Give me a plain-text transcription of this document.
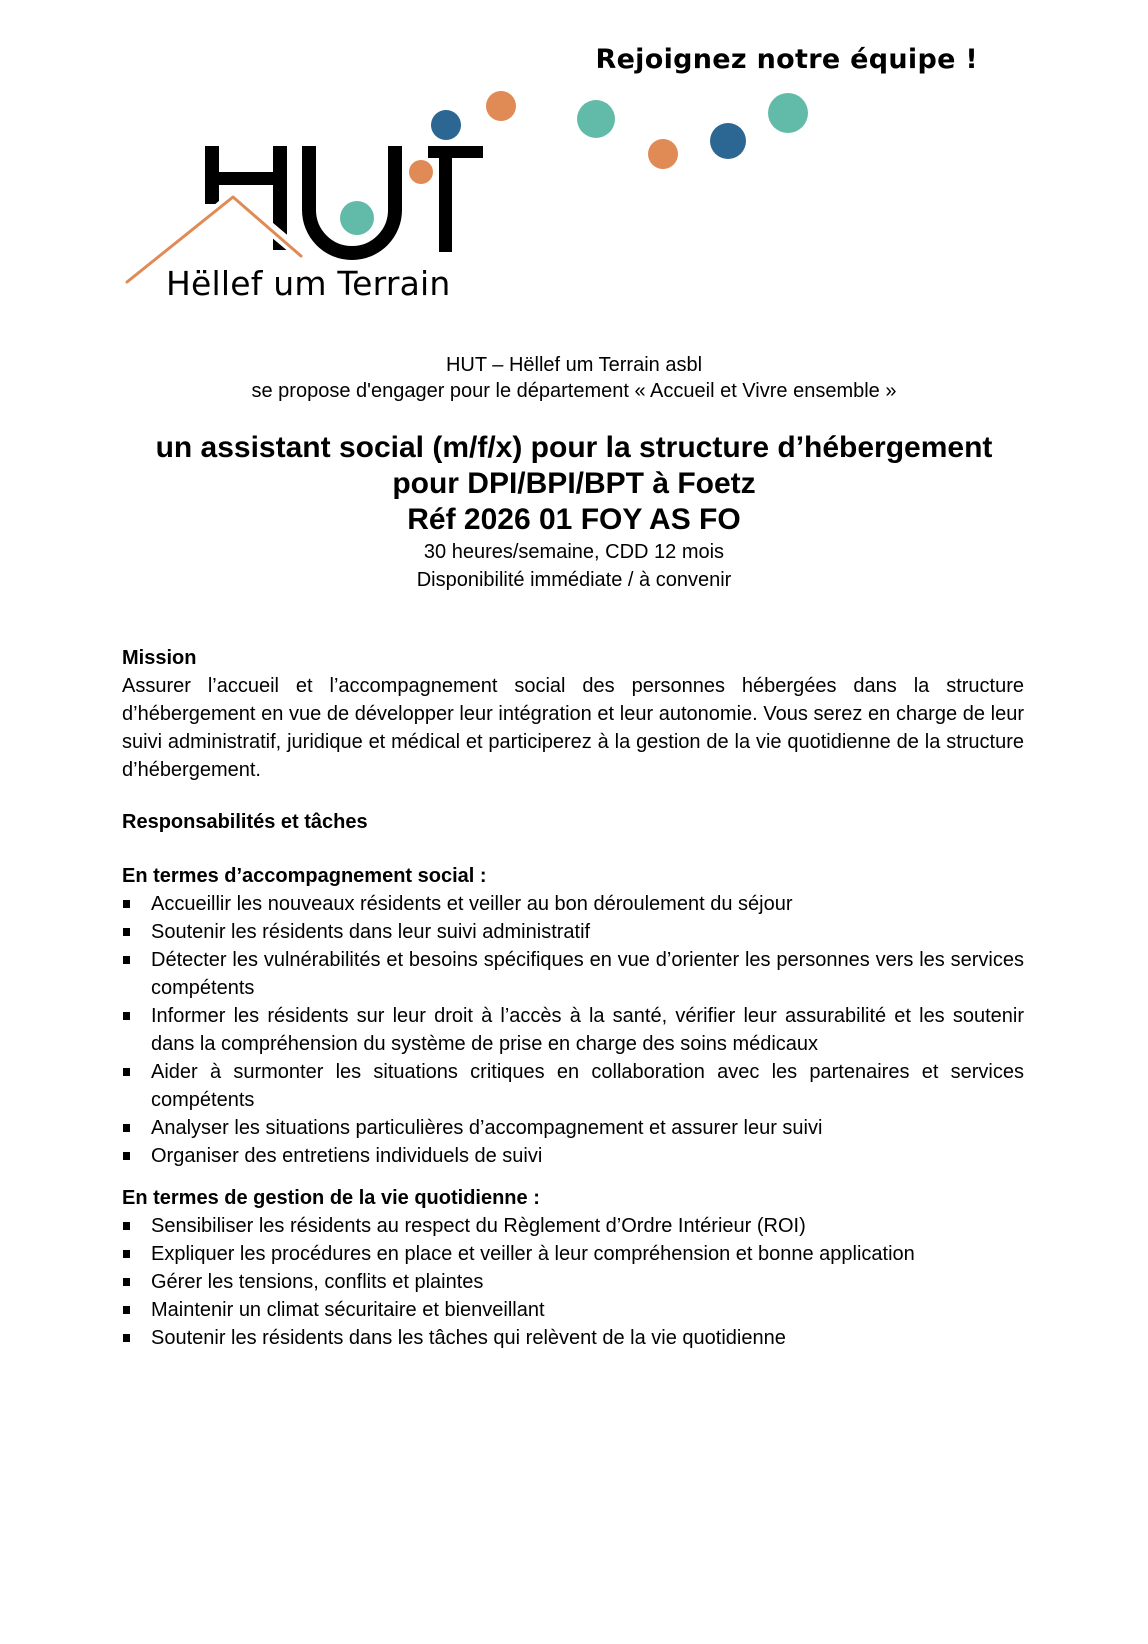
Rejoignez notre équipe !
Hëllef um Terrain
HUT – Hëllef um Terrain asbl
se propose d'engager pour le département « Accueil et Vivre ensemble »
un assistant social (m/f/x) pour la structure d’hébergement
pour DPI/BPI/BPT à Foetz
Réf 2026 01 FOY AS FO
30 heures/semaine, CDD 12 mois
Disponibilité immédiate / à convenir

Mission

Assurer l’accueil et l’accompagnement social des personnes hébergées dans la structure d’hébergement en vue de développer leur intégration et leur autonomie. Vous serez en charge de leur suivi administratif, juridique et médical et participerez à la gestion de la vie quotidienne de la structure d’hébergement.

Responsabilités et tâches

En termes d’accompagnement social :

Accueillir les nouveaux résidents et veiller au bon déroulement du séjour
Soutenir les résidents dans leur suivi administratif
Détecter les vulnérabilités et besoins spécifiques en vue d’orienter les personnes vers les services compétents
Informer les résidents sur leur droit à l’accès à la santé, vérifier leur assurabilité et les soutenir dans la compréhension du système de prise en charge des soins médicaux
Aider à surmonter les situations critiques en collaboration avec les partenaires et services compétents
Analyser les situations particulières d’accompagnement et assurer leur suivi
Organiser des entretiens individuels de suivi

En termes de gestion de la vie quotidienne :

Sensibiliser les résidents au respect du Règlement d’Ordre Intérieur (ROI)
Expliquer les procédures en place et veiller à leur compréhension et bonne application
Gérer les tensions, conflits et plaintes
Maintenir un climat sécuritaire et bienveillant
Soutenir les résidents dans les tâches qui relèvent de la vie quotidienne
